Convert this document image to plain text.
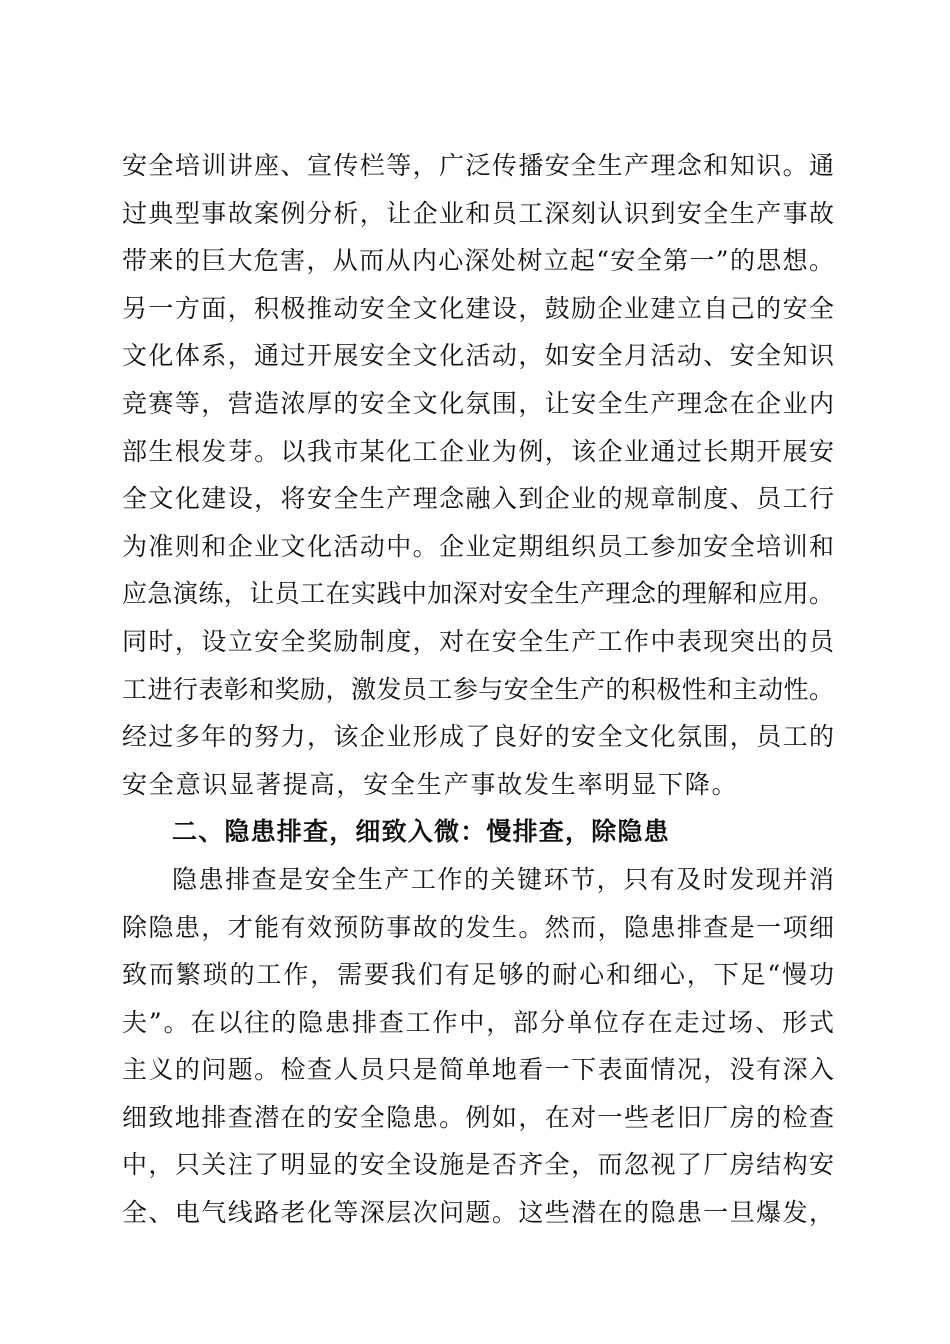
安全培训讲座、宣传栏等，广泛传播安全生产理念和知识。通
过典型事故案例分析，让企业和员工深刻认识到安全生产事故
带来的巨大危害，从而从内心深处树立起“安全第一”的思想。
另一方面，积极推动安全文化建设，鼓励企业建立自己的安全
文化体系，通过开展安全文化活动，如安全月活动、安全知识
竞赛等，营造浓厚的安全文化氛围，让安全生产理念在企业内
部生根发芽。以我市某化工企业为例，该企业通过长期开展安
全文化建设，将安全生产理念融入到企业的规章制度、员工行
为准则和企业文化活动中。企业定期组织员工参加安全培训和
应急演练，让员工在实践中加深对安全生产理念的理解和应用。
同时，设立安全奖励制度，对在安全生产工作中表现突出的员
工进行表彰和奖励，激发员工参与安全生产的积极性和主动性。
经过多年的努力，该企业形成了良好的安全文化氛围，员工的
安全意识显著提高，安全生产事故发生率明显下降。
二、隐患排查，细致入微：慢排查，除隐患
隐患排查是安全生产工作的关键环节，只有及时发现并消
除隐患，才能有效预防事故的发生。然而，隐患排查是一项细
致而繁琐的工作，需要我们有足够的耐心和细心，下足“慢功
夫”。在以往的隐患排查工作中，部分单位存在走过场、形式
主义的问题。检查人员只是简单地看一下表面情况，没有深入
细致地排查潜在的安全隐患。例如，在对一些老旧厂房的检查
中，只关注了明显的安全设施是否齐全，而忽视了厂房结构安
全、电气线路老化等深层次问题。这些潜在的隐患一旦爆发，
